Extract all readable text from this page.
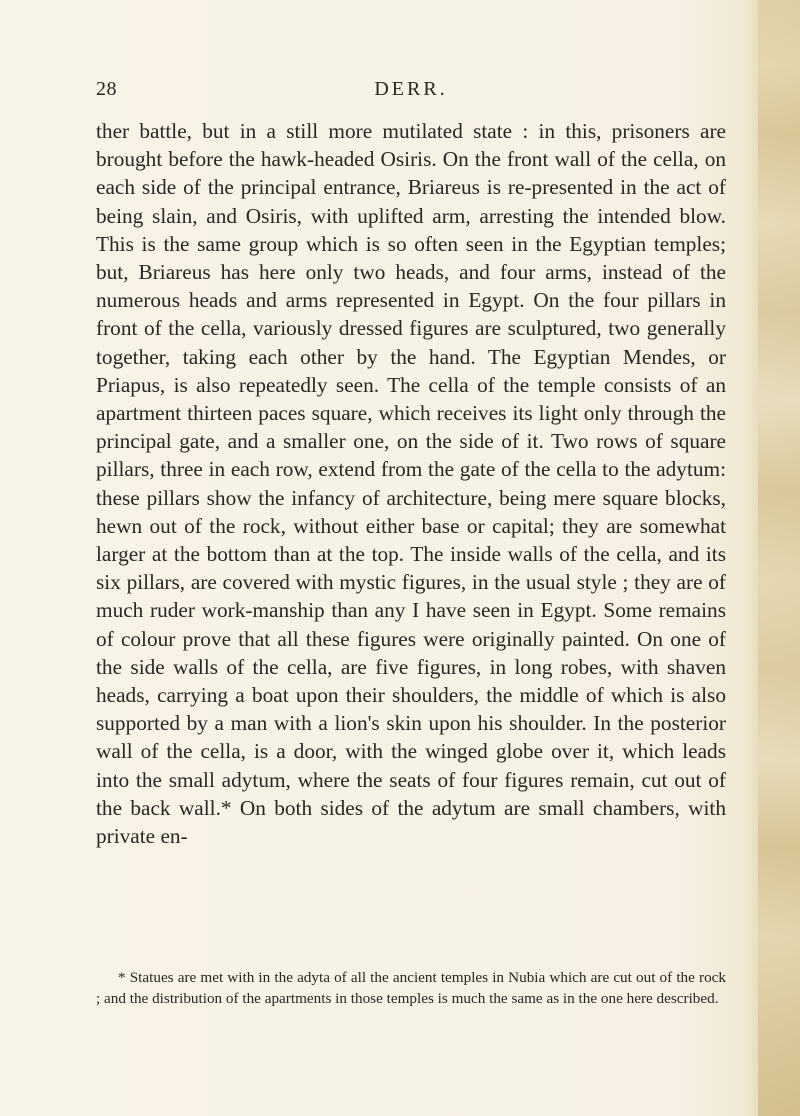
28	DERR.

ther battle, but in a still more mutilated state : in this, prisoners are brought before the hawk-headed Osiris. On the front wall of the cella, on each side of the principal entrance, Briareus is re-presented in the act of being slain, and Osiris, with uplifted arm, arresting the intended blow. This is the same group which is so often seen in the Egyptian temples; but, Briareus has here only two heads, and four arms, instead of the numerous heads and arms represented in Egypt. On the four pillars in front of the cella, variously dressed figures are sculptured, two generally together, taking each other by the hand. The Egyptian Mendes, or Priapus, is also repeatedly seen. The cella of the temple consists of an apartment thirteen paces square, which receives its light only through the principal gate, and a smaller one, on the side of it. Two rows of square pillars, three in each row, extend from the gate of the cella to the adytum: these pillars show the infancy of architecture, being mere square blocks, hewn out of the rock, without either base or capital; they are somewhat larger at the bottom than at the top. The inside walls of the cella, and its six pillars, are covered with mystic figures, in the usual style ; they are of much ruder work-manship than any I have seen in Egypt. Some remains of colour prove that all these figures were originally painted. On one of the side walls of the cella, are five figures, in long robes, with shaven heads, carrying a boat upon their shoulders, the middle of which is also supported by a man with a lion's skin upon his shoulder. In the posterior wall of the cella, is a door, with the winged globe over it, which leads into the small adytum, where the seats of four figures remain, cut out of the back wall.* On both sides of the adytum are small chambers, with private en-

* Statues are met with in the adyta of all the ancient temples in Nubia which are cut out of the rock ; and the distribution of the apartments in those temples is much the same as in the one here described.
